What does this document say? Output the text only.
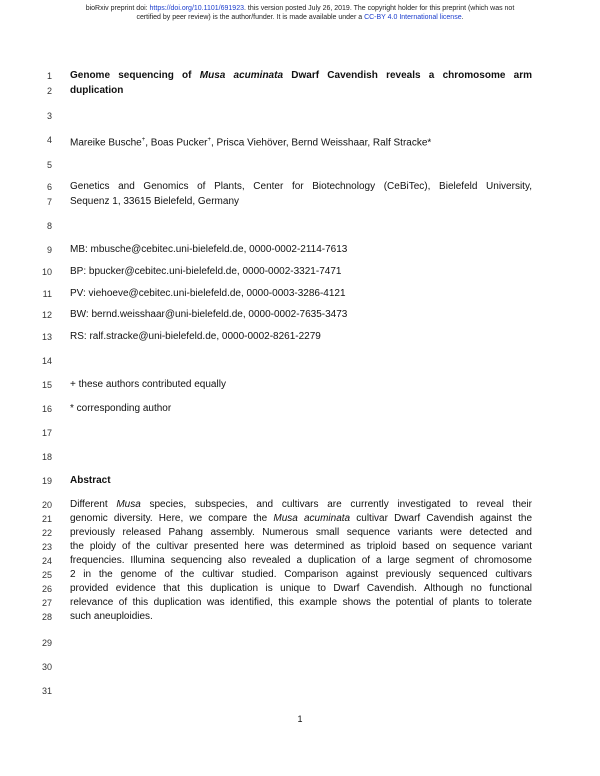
bioRxiv preprint doi: https://doi.org/10.1101/691923. this version posted July 26, 2019. The copyright holder for this preprint (which was not
certified by peer review) is the author/funder. It is made available under a CC-BY 4.0 International license.
1
2
3
4
5
6
7
8
9
10
11
12
13
14
15
16
17
18
19
20
21
22
23
24
25
26
27
28
29
30
31
Genome sequencing of Musa acuminata Dwarf Cavendish reveals a chromosome arm
duplication
Mareike Busche+, Boas Pucker+, Prisca Viehöver, Bernd Weisshaar, Ralf Stracke*
Genetics and Genomics of Plants, Center for Biotechnology (CeBiTec), Bielefeld University,
Sequenz 1, 33615 Bielefeld, Germany
MB: mbusche@cebitec.uni-bielefeld.de, 0000-0002-2114-7613
BP: bpucker@cebitec.uni-bielefeld.de, 0000-0002-3321-7471
PV: viehoeve@cebitec.uni-bielefeld.de, 0000-0003-3286-4121
BW: bernd.weisshaar@uni-bielefeld.de, 0000-0002-7635-3473
RS: ralf.stracke@uni-bielefeld.de, 0000-0002-8261-2279
+ these authors contributed equally
* corresponding author
Abstract
Different Musa species, subspecies, and cultivars are currently investigated to reveal their
genomic diversity. Here, we compare the Musa acuminata cultivar Dwarf Cavendish against the
previously released Pahang assembly. Numerous small sequence variants were detected and
the ploidy of the cultivar presented here was determined as triploid based on sequence variant
frequencies. Illumina sequencing also revealed a duplication of a large segment of chromosome
2 in the genome of the cultivar studied. Comparison against previously sequenced cultivars
provided evidence that this duplication is unique to Dwarf Cavendish. Although no functional
relevance of this duplication was identified, this example shows the potential of plants to tolerate
such aneuploidies.
1
